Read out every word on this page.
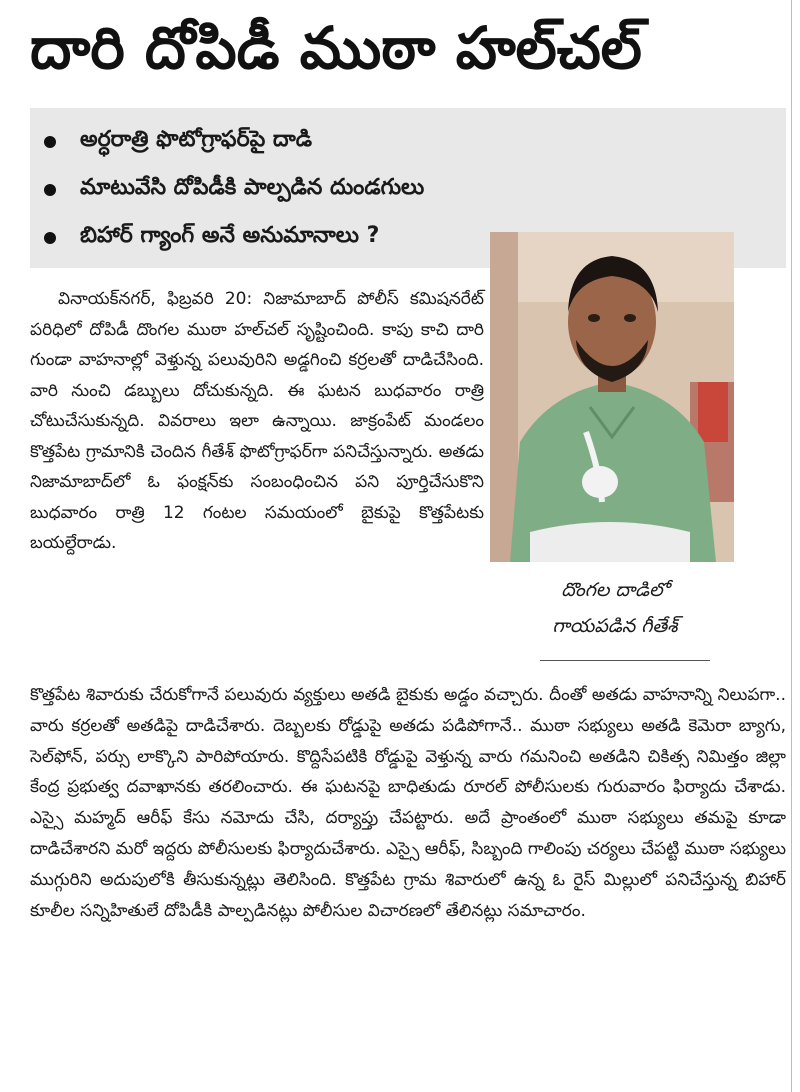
దారి దోపిడీ ముఠా హల్‌చల్
అర్ధరాత్రి ఫొటోగ్రాఫర్‌పై దాడి
మాటువేసి దోపిడీకి పాల్పడిన దుండగులు
బిహార్ గ్యాంగ్ అనే అనుమానాలు ?
దొంగల దాడిలో
గాయపడిన గీతేశ్

వినాయక్‌నగర్, ఫిబ్రవరి 20: నిజామాబాద్ పోలీస్ కమిషనరేట్ పరిధిలో దోపిడీ దొంగల ముఠా హల్‌చల్ సృష్టించింది. కాపు కాచి దారి గుండా వాహనాల్లో వెళ్తున్న పలువురిని అడ్డగించి కర్రలతో దాడిచేసింది. వారి నుంచి డబ్బులు దోచుకున్నది. ఈ ఘటన బుధవారం రాత్రి చోటుచేసుకున్నది. వివరాలు ఇలా ఉన్నాయి. జాక్రంపేట్ మండలం కొత్తపేట గ్రామానికి చెందిన గీతేశ్ ఫొటోగ్రాఫర్‌గా పనిచేస్తున్నారు. అతడు నిజామాబాద్‌లో ఓ ఫంక్షన్‌కు సంబంధించిన పని పూర్తిచేసుకొని బుధవారం రాత్రి 12 గంటల సమయంలో బైకుపై కొత్తపేటకు బయల్దేరాడు.

కొత్తపేట శివారుకు చేరుకోగానే పలువురు వ్యక్తులు అతడి బైకుకు అడ్డం వచ్చారు. దీంతో అతడు వాహనాన్ని నిలుపగా.. వారు కర్రలతో అతడిపై దాడిచేశారు. దెబ్బలకు రోడ్డుపై అతడు పడిపోగానే.. ముఠా సభ్యులు అతడి కెమెరా బ్యాగు, సెల్‌ఫోన్, పర్సు లాక్కొని పారిపోయారు. కొద్దిసేపటికి రోడ్డుపై వెళ్తున్న వారు గమనించి అతడిని చికిత్స నిమిత్తం జిల్లా కేంద్ర ప్రభుత్వ దవాఖానకు తరలించారు. ఈ ఘటనపై బాధితుడు రూరల్ పోలీసులకు గురువారం ఫిర్యాదు చేశాడు. ఎస్సై మహ్మద్ ఆరీఫ్ కేసు నమోదు చేసి, దర్యాప్తు చేపట్టారు. అదే ప్రాంతంలో ముఠా సభ్యులు తమపై కూడా దాడిచేశారని మరో ఇద్దరు పోలీసులకు ఫిర్యాదుచేశారు. ఎస్సై ఆరీఫ్, సిబ్బంది గాలింపు చర్యలు చేపట్టి ముఠా సభ్యులు ముగ్గురిని అదుపులోకి తీసుకున్నట్లు తెలిసింది. కొత్తపేట గ్రామ శివారులో ఉన్న ఓ రైస్ మిల్లులో పనిచేస్తున్న బిహార్ కూలీల సన్నిహితులే దోపిడీకి పాల్పడినట్లు పోలీసుల విచారణలో తేలినట్లు సమాచారం.
